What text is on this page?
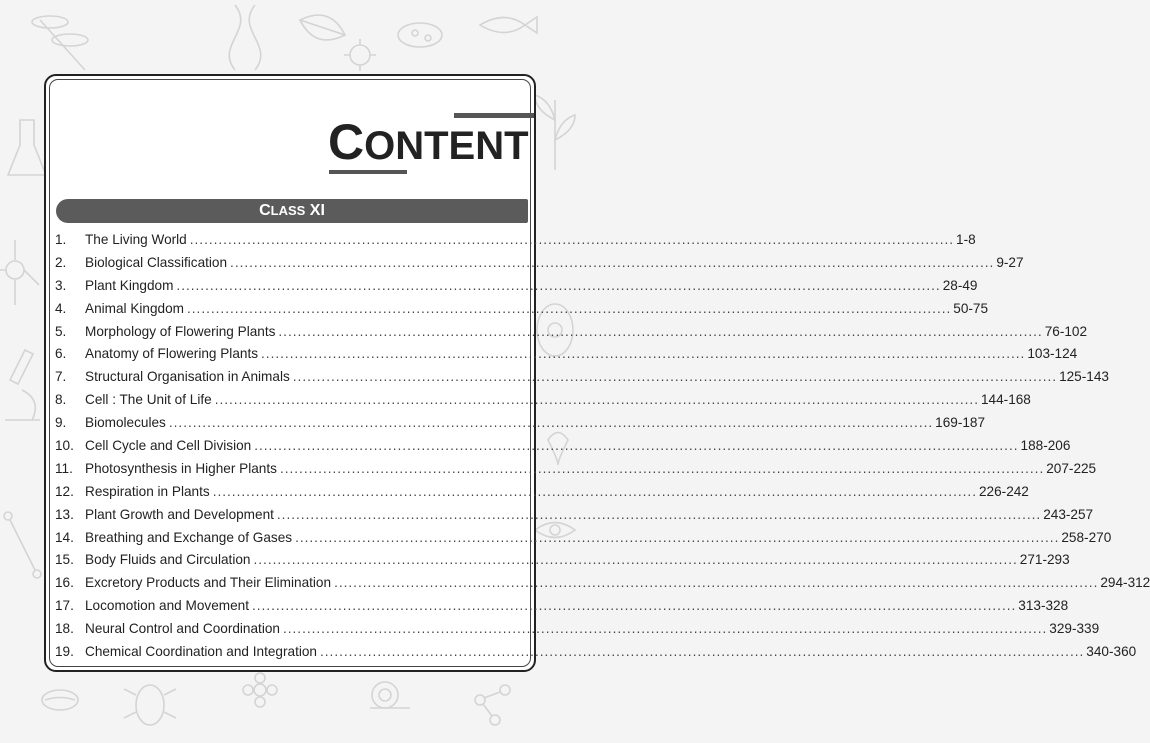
CONTENT
CLASS XI
1.	The Living World ................................................................................................................................................................ 1-8
2.	Biological Classification ................................................................................................................................................................ 9-27
3.	Plant Kingdom ................................................................................................................................................................ 28-49
4.	Animal Kingdom ................................................................................................................................................................ 50-75
5.	Morphology of Flowering Plants ................................................................................................................................................................ 76-102
6.	Anatomy of Flowering Plants ................................................................................................................................................................ 103-124
7.	Structural Organisation in Animals ................................................................................................................................................................ 125-143
8.	Cell : The Unit of Life ................................................................................................................................................................ 144-168
9.	Biomolecules ................................................................................................................................................................ 169-187
10. Cell Cycle and Cell Division ................................................................................................................................................................ 188-206
11. Photosynthesis in Higher Plants ................................................................................................................................................................ 207-225
12. Respiration in Plants ................................................................................................................................................................ 226-242
13. Plant Growth and Development ................................................................................................................................................................ 243-257
14. Breathing and Exchange of Gases ................................................................................................................................................................ 258-270
15. Body Fluids and Circulation ................................................................................................................................................................ 271-293
16. Excretory Products and Their Elimination ................................................................................................................................................................ 294-312
17. Locomotion and Movement ................................................................................................................................................................ 313-328
18. Neural Control and Coordination ................................................................................................................................................................ 329-339
19. Chemical Coordination and Integration ................................................................................................................................................................ 340-360
